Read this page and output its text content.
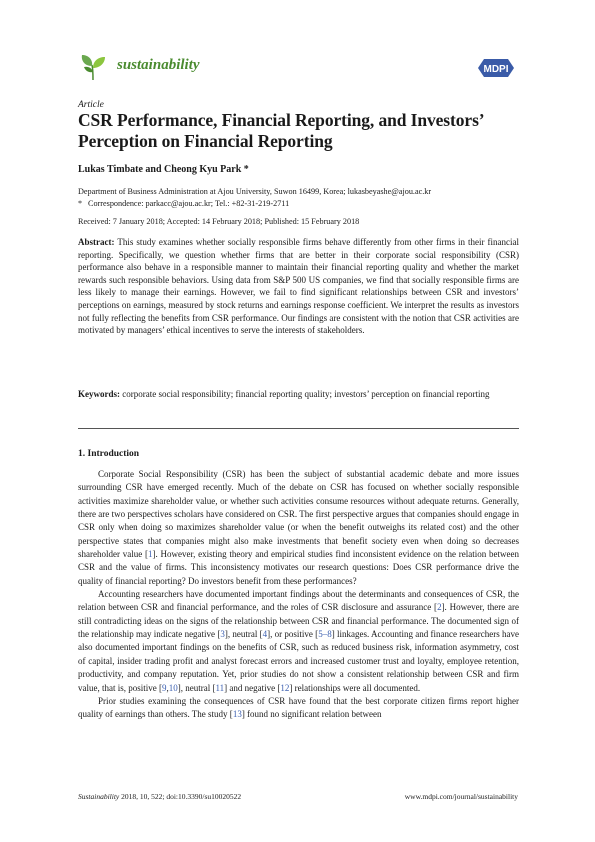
sustainability	MDPI
Article
CSR Performance, Financial Reporting, and Investors’ Perception on Financial Reporting
Lukas Timbate and Cheong Kyu Park *
Department of Business Administration at Ajou University, Suwon 16499, Korea; lukasbeyashe@ajou.ac.kr
* Correspondence: parkacc@ajou.ac.kr; Tel.: +82-31-219-2711
Received: 7 January 2018; Accepted: 14 February 2018; Published: 15 February 2018
Abstract: This study examines whether socially responsible firms behave differently from other firms in their financial reporting. Specifically, we question whether firms that are better in their corporate social responsibility (CSR) performance also behave in a responsible manner to maintain their financial reporting quality and whether the market rewards such responsible behaviors. Using data from S&P 500 US companies, we find that socially responsible firms are less likely to manage their earnings. However, we fail to find significant relationships between CSR and investors’ perceptions on earnings, measured by stock returns and earnings response coefficient. We interpret the results as investors not fully reflecting the benefits from CSR performance. Our findings are consistent with the notion that CSR activities are motivated by managers’ ethical incentives to serve the interests of stakeholders.
Keywords: corporate social responsibility; financial reporting quality; investors’ perception on financial reporting
1. Introduction

Corporate Social Responsibility (CSR) has been the subject of substantial academic debate and more issues surrounding CSR have emerged recently. Much of the debate on CSR has focused on whether socially responsible activities maximize shareholder value, or whether such activities consume resources without adequate returns. Generally, there are two perspectives scholars have considered on CSR. The first perspective argues that companies should engage in CSR only when doing so maximizes shareholder value (or when the benefit outweighs its related cost) and the other perspective states that companies might also make investments that benefit society even when doing so decreases shareholder value [1]. However, existing theory and empirical studies find inconsistent evidence on the relation between CSR and the value of firms. This inconsistency motivates our research questions: Does CSR performance drive the quality of financial reporting? Do investors benefit from these performances?

Accounting researchers have documented important findings about the determinants and consequences of CSR, the relation between CSR and financial performance, and the roles of CSR disclosure and assurance [2]. However, there are still contradicting ideas on the signs of the relationship between CSR and financial performance. The documented sign of the relationship may indicate negative [3], neutral [4], or positive [5–8] linkages. Accounting and finance researchers have also documented important findings on the benefits of CSR, such as reduced business risk, information asymmetry, cost of capital, insider trading profit and analyst forecast errors and increased customer trust and loyalty, employee retention, productivity, and company reputation. Yet, prior studies do not show a consistent relationship between CSR and firm value, that is, positive [9,10], neutral [11] and negative [12] relationships were all documented.

Prior studies examining the consequences of CSR have found that the best corporate citizen firms report higher quality of earnings than others. The study [13] found no significant relation between

Sustainability 2018, 10, 522; doi:10.3390/su10020522	www.mdpi.com/journal/sustainability
